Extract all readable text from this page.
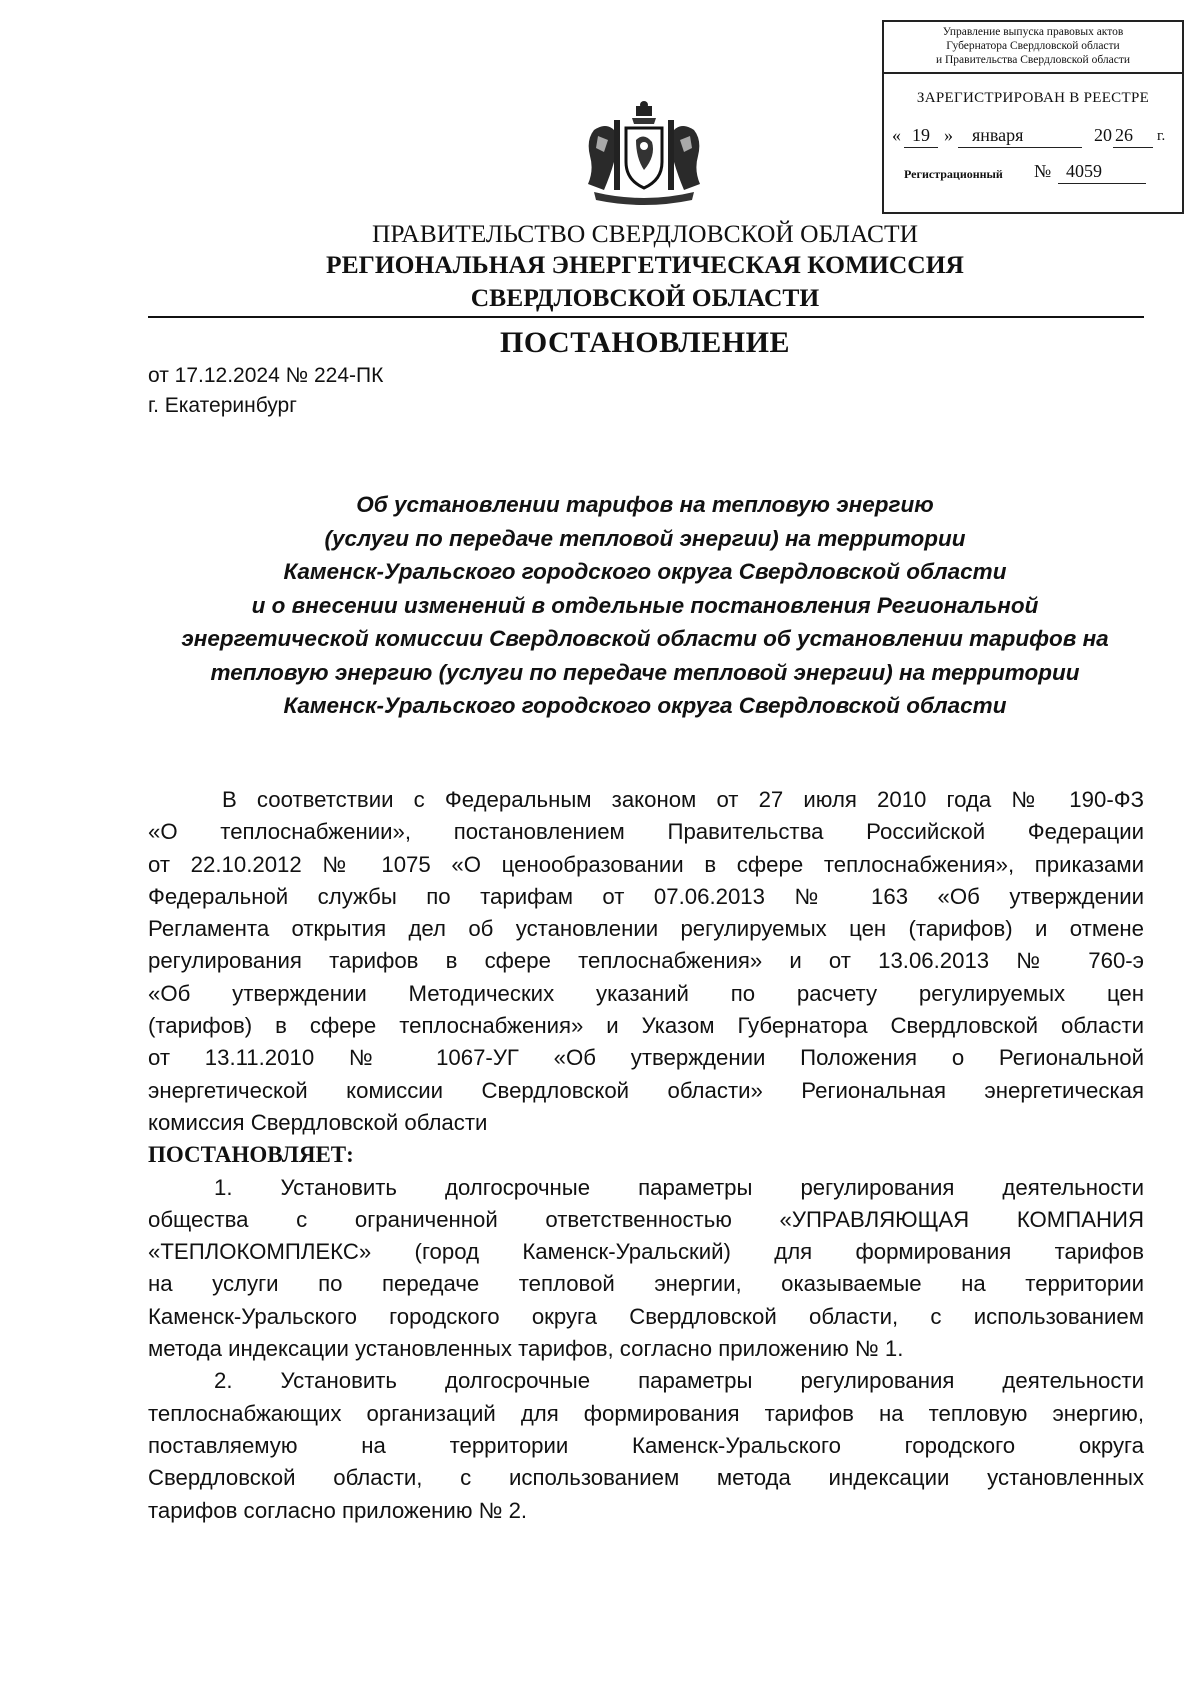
Управление выпуска правовых актов
Губернатора Свердловской области
и Правительства Свердловской области
ЗАРЕГИСТРИРОВАН В РЕЕСТРЕ
« 19 » января	20 26 г.
Регистрационный № 4059
ПРАВИТЕЛЬСТВО СВЕРДЛОВСКОЙ ОБЛАСТИ
РЕГИОНАЛЬНАЯ ЭНЕРГЕТИЧЕСКАЯ КОМИССИЯ
СВЕРДЛОВСКОЙ ОБЛАСТИ
ПОСТАНОВЛЕНИЕ
от 17.12.2024 № 224-ПК
г. Екатеринбург
Об установлении тарифов на тепловую энергию
(услуги по передаче тепловой энергии) на территории
Каменск-Уральского городского округа Свердловской области
и о внесении изменений в отдельные постановления Региональной
энергетической комиссии Свердловской области об установлении тарифов на
тепловую энергию (услуги по передаче тепловой энергии) на территории
Каменск-Уральского городского округа Свердловской области
В соответствии с Федеральным законом от 27 июля 2010 года № 190-ФЗ
«О теплоснабжении», постановлением Правительства Российской Федерации
от 22.10.2012 № 1075 «О ценообразовании в сфере теплоснабжения», приказами
Федеральной службы по тарифам от 07.06.2013 № 163 «Об утверждении
Регламента открытия дел об установлении регулируемых цен (тарифов) и отмене
регулирования тарифов в сфере теплоснабжения» и от 13.06.2013 № 760-э
«Об утверждении Методических указаний по расчету регулируемых цен
(тарифов) в сфере теплоснабжения» и Указом Губернатора Свердловской области
от 13.11.2010 № 1067-УГ «Об утверждении Положения о Региональной
энергетической комиссии Свердловской области» Региональная энергетическая
комиссия Свердловской области
ПОСТАНОВЛЯЕТ:
1. Установить долгосрочные параметры регулирования деятельности
общества с ограниченной ответственностью «УПРАВЛЯЮЩАЯ КОМПАНИЯ
«ТЕПЛОКОМПЛЕКС» (город Каменск-Уральский) для формирования тарифов
на услуги по передаче тепловой энергии, оказываемые на территории
Каменск-Уральского городского округа Свердловской области, с использованием
метода индексации установленных тарифов, согласно приложению № 1.
2. Установить долгосрочные параметры регулирования деятельности
теплоснабжающих организаций для формирования тарифов на тепловую энергию,
поставляемую на территории Каменск-Уральского городского округа
Свердловской области, с использованием метода индексации установленных
тарифов согласно приложению № 2.
